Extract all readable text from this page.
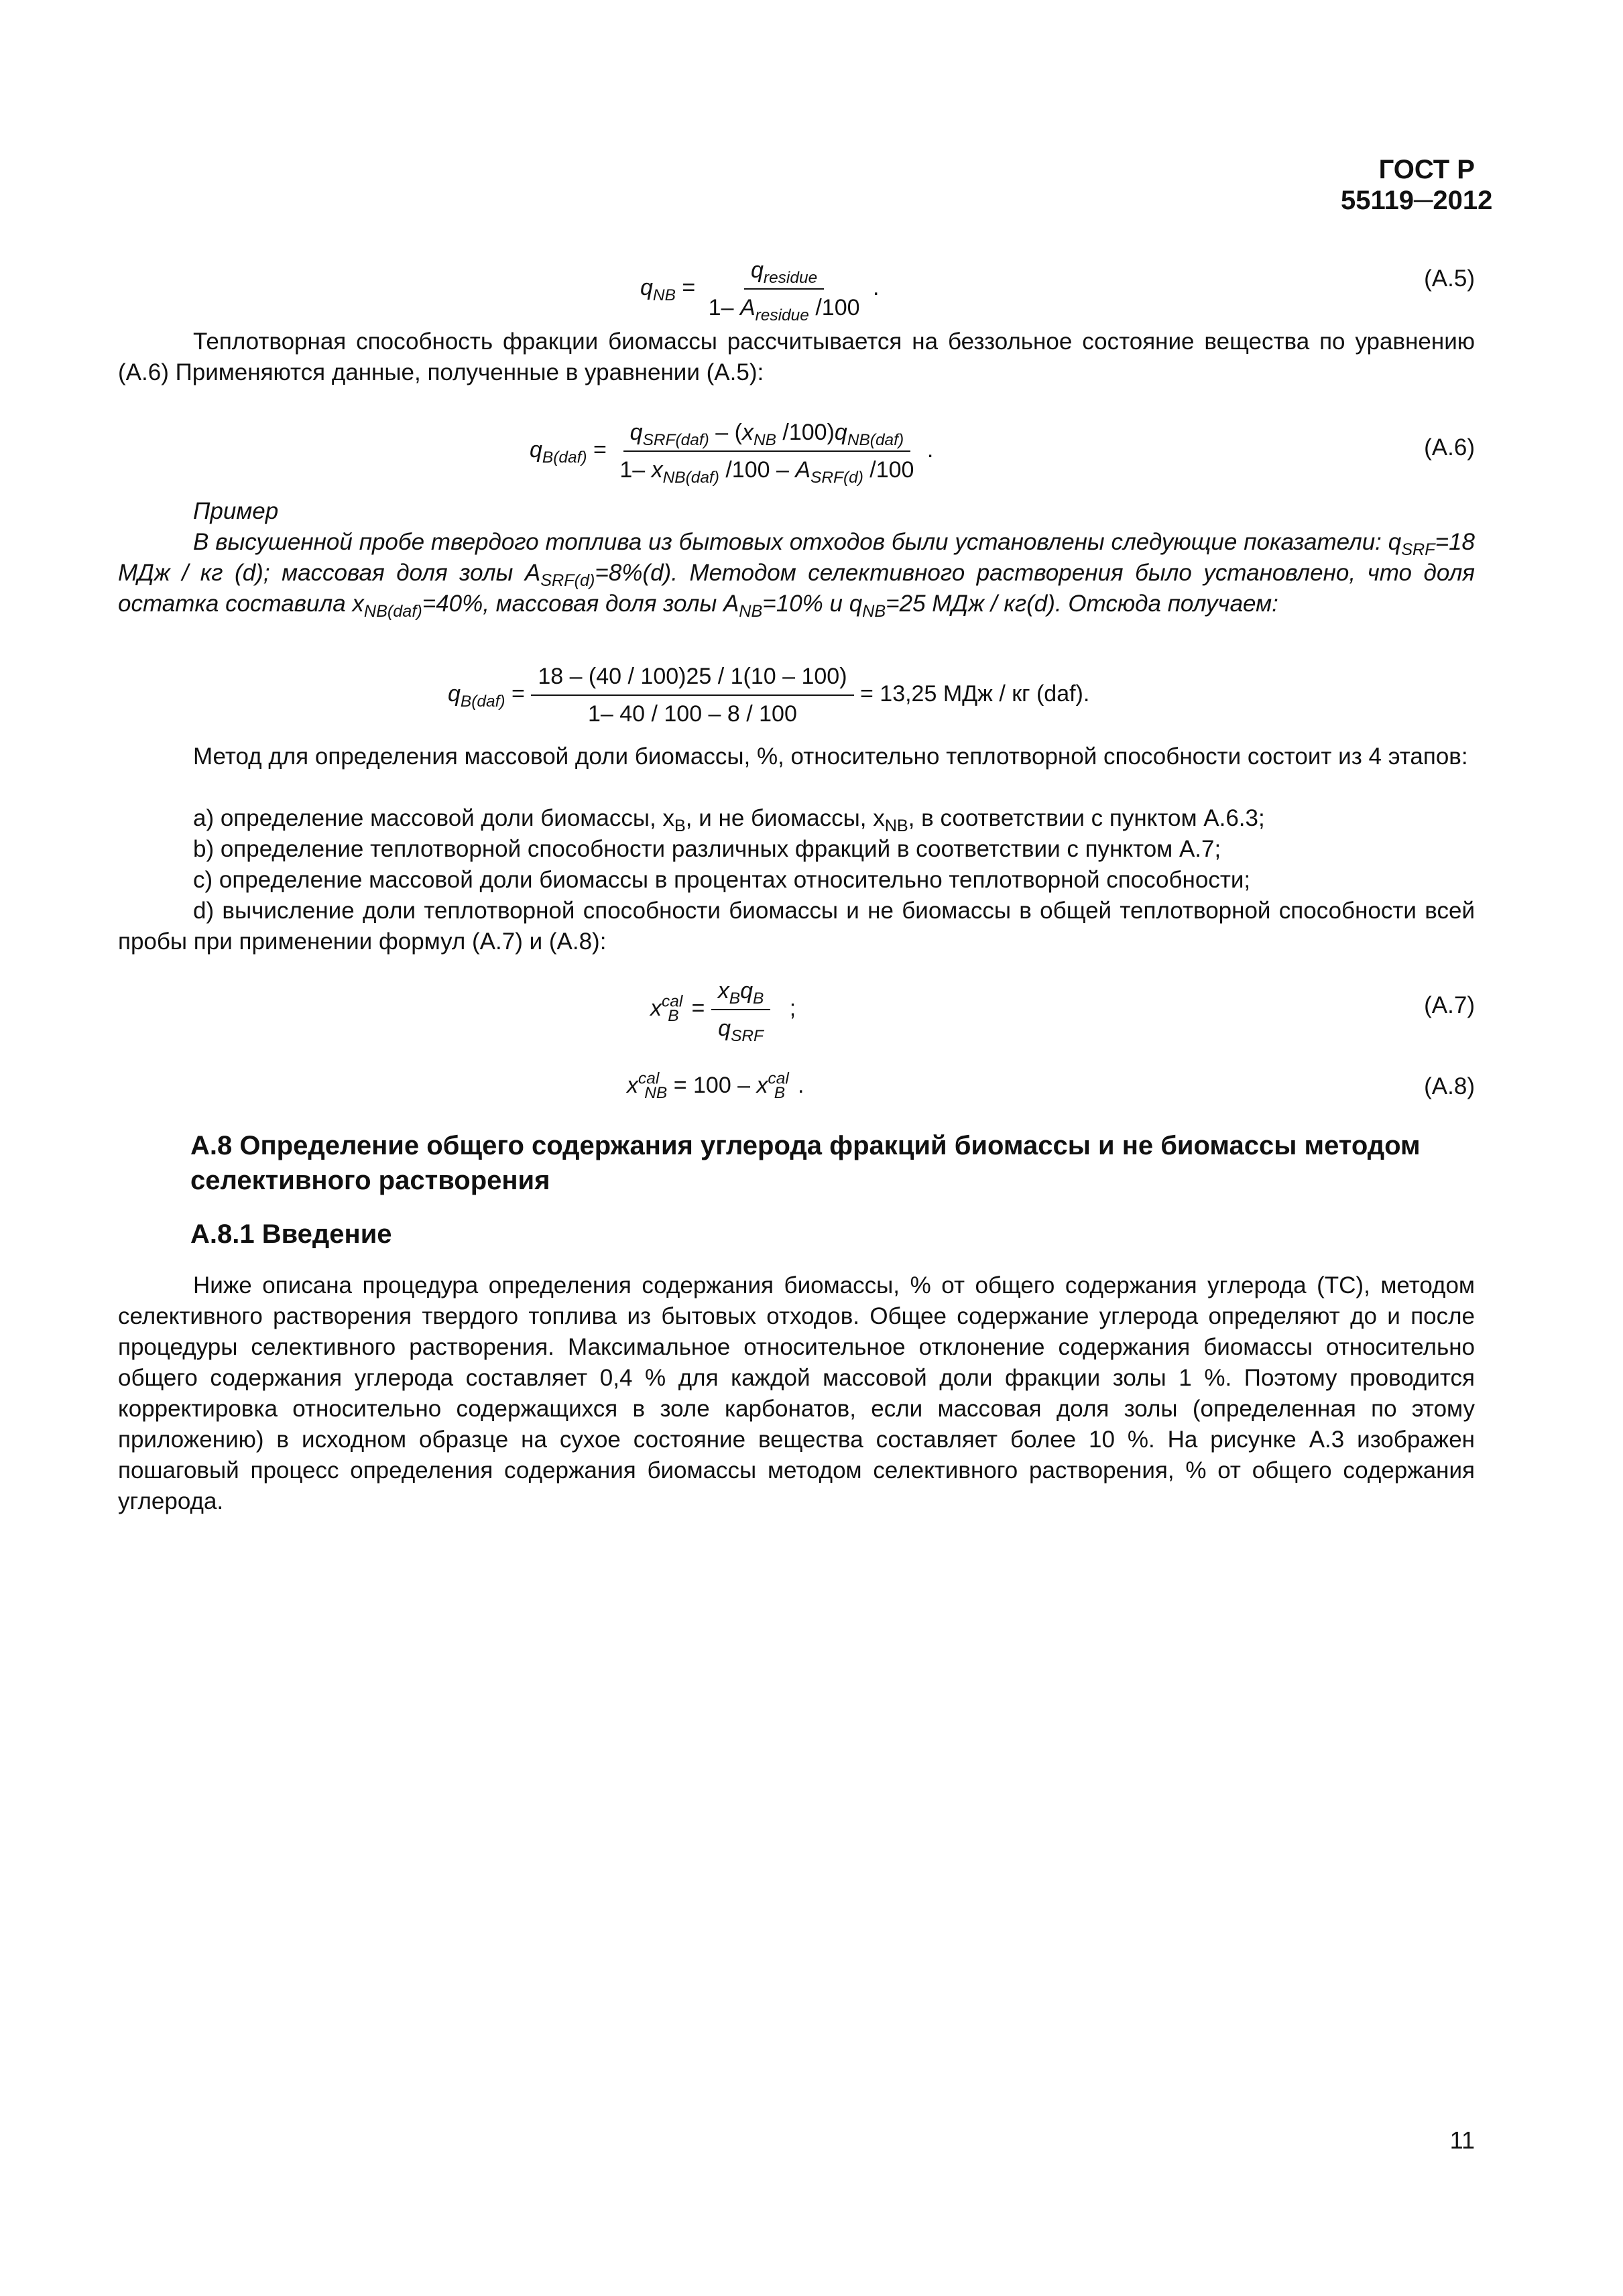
ГОСТ Р 55119─2012
$q_{NB} = \frac{q_{residue}}{1- A_{residue} /100}$ .	(A.5)
Теплотворная способность фракции биомассы рассчитывается на беззольное состояние вещества по уравнению (A.6) Применяются данные, полученные в уравнении (A.5):
$q_{B(daf)} = \frac{q_{SRF(daf)} - (x_{NB} /100)q_{NB(daf)}}{1- x_{NB(daf)} /100 - A_{SRF(d)} /100}$ .	(A.6)
Пример
В высушенной пробе твердого топлива из бытовых отходов были установлены следующие показатели: $q_{SRF}=18$ МДж / кг (d); массовая доля золы $A_{SRF(d)}=8\%(d)$. Методом селективного растворения было установлено, что доля остатка составила $x_{NB(daf)}=40\%$, массовая доля золы $A_{NB}=10\%$ и $q_{NB}=25$ МДж / кг(d). Отсюда получаем:
$q_{B(daf)} = \frac{18 - (40 / 100)25 / 1(10 - 100)}{1- 40 / 100 - 8 / 100} = 13,25$ МДж / кг (daf).
Метод для определения массовой доли биомассы, %, относительно теплотворной способности состоит из 4 этапов:
a) определение массовой доли биомассы, $x_B$, и не биомассы, $x_{NB}$, в соответствии с пунктом A.6.3;
b) определение теплотворной способности различных фракций в соответствии с пунктом A.7;
c) определение массовой доли биомассы в процентах относительно теплотворной способности;
d) вычисление доли теплотворной способности биомассы и не биомассы в общей теплотворной способности всей пробы при применении формул (A.7) и (A.8):
$x^{cal}_B = \frac{x_Bq_B}{q_{SRF}}$ ;	(A.7)
$x^{cal}_{NB} = 100 - x^{cal}_B$  .	(A.8)
A.8 Определение общего содержания углерода фракций биомассы и не биомассы методом селективного растворения
A.8.1 Введение
Ниже описана процедура определения содержания биомассы, % от общего содержания углерода (TC), методом селективного растворения твердого топлива из бытовых отходов. Общее содержание углерода определяют до и после процедуры селективного растворения. Максимальное относительное отклонение содержания биомассы относительно общего содержания углерода составляет 0,4 % для каждой массовой доли фракции золы 1 %. Поэтому проводится корректировка относительно содержащихся в золе карбонатов, если массовая доля золы (определенная по этому приложению) в исходном образце на сухое состояние вещества составляет более 10 %. На рисунке A.3 изображен пошаговый процесс определения содержания биомассы методом селективного растворения, % от общего содержания углерода.
11
